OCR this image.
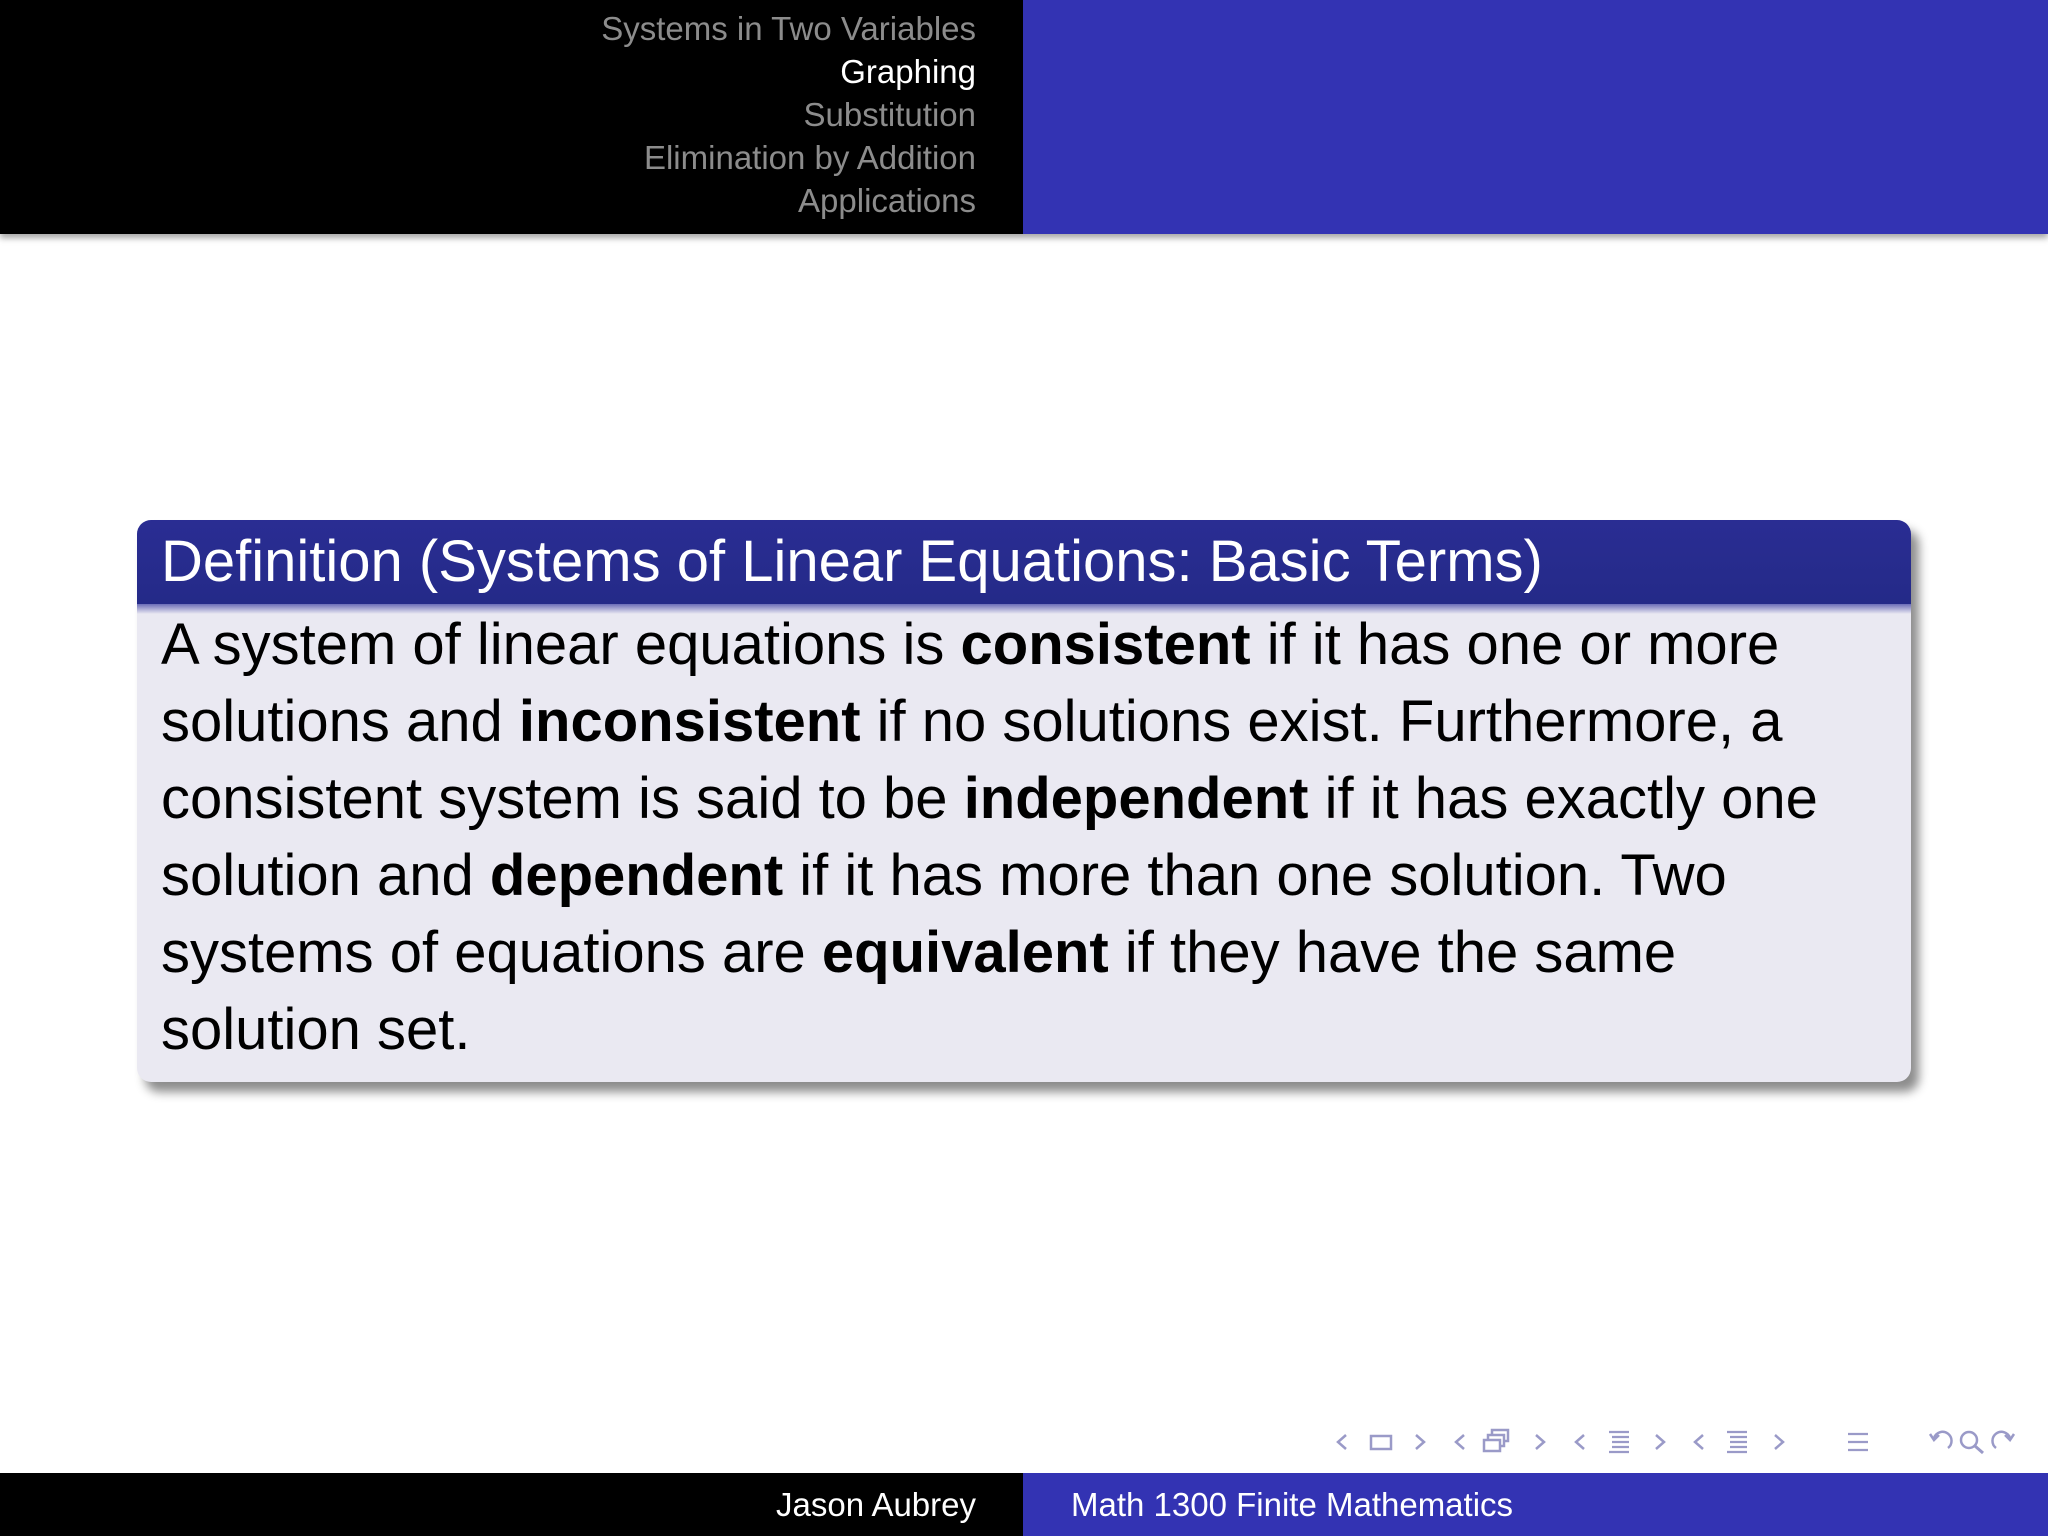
Systems in Two Variables
Graphing
Substitution
Elimination by Addition
Applications
Definition (Systems of Linear Equations: Basic Terms)
A system of linear equations is consistent if it has one or more solutions and inconsistent if no solutions exist. Furthermore, a consistent system is said to be independent if it has exactly one solution and dependent if it has more than one solution. Two systems of equations are equivalent if they have the same solution set.
Jason Aubrey	Math 1300 Finite Mathematics
